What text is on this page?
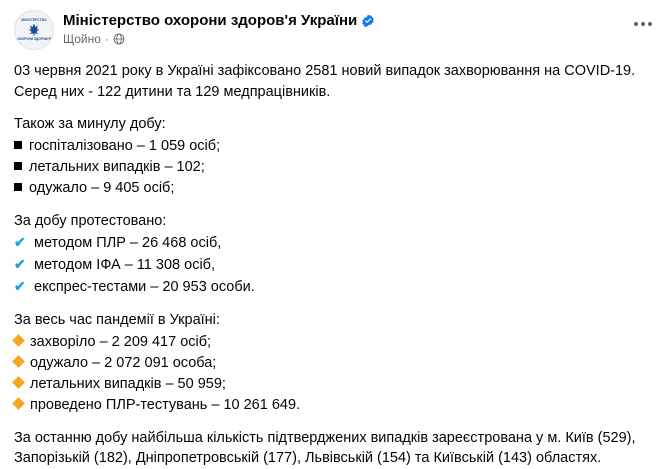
МІНІСТЕРСТВО
ОХОРОНИ ЗДОРОВ'Я
Міністерство охорони здоров'я України
Щойно ·

03 червня 2021 року в Україні зафіксовано 2581 новий випадок захворювання на COVID-19. Серед них - 122 дитини та 129 медпрацівників.

Також за минулу добу:

госпіталізовано – 1 059 осіб;
летальних випадків – 102;
одужало – 9 405 осіб;

За добу протестовано:

✔ методом ПЛР – 26 468 осіб,
✔ методом ІФА – 11 308 осіб,
✔ експрес-тестами – 20 953 особи.

За весь час пандемії в Україні:

захворіло – 2 209 417 осіб;
одужало – 2 072 091 особа;
летальних випадків – 50 959;
проведено ПЛР-тестувань – 10 261 649.

За останню добу найбільша кількість підтверджених випадків зареєстрована у м. Київ (529), Запорізькій (182), Дніпропетровській (177), Львівській (154) та Київській (143) областях.
